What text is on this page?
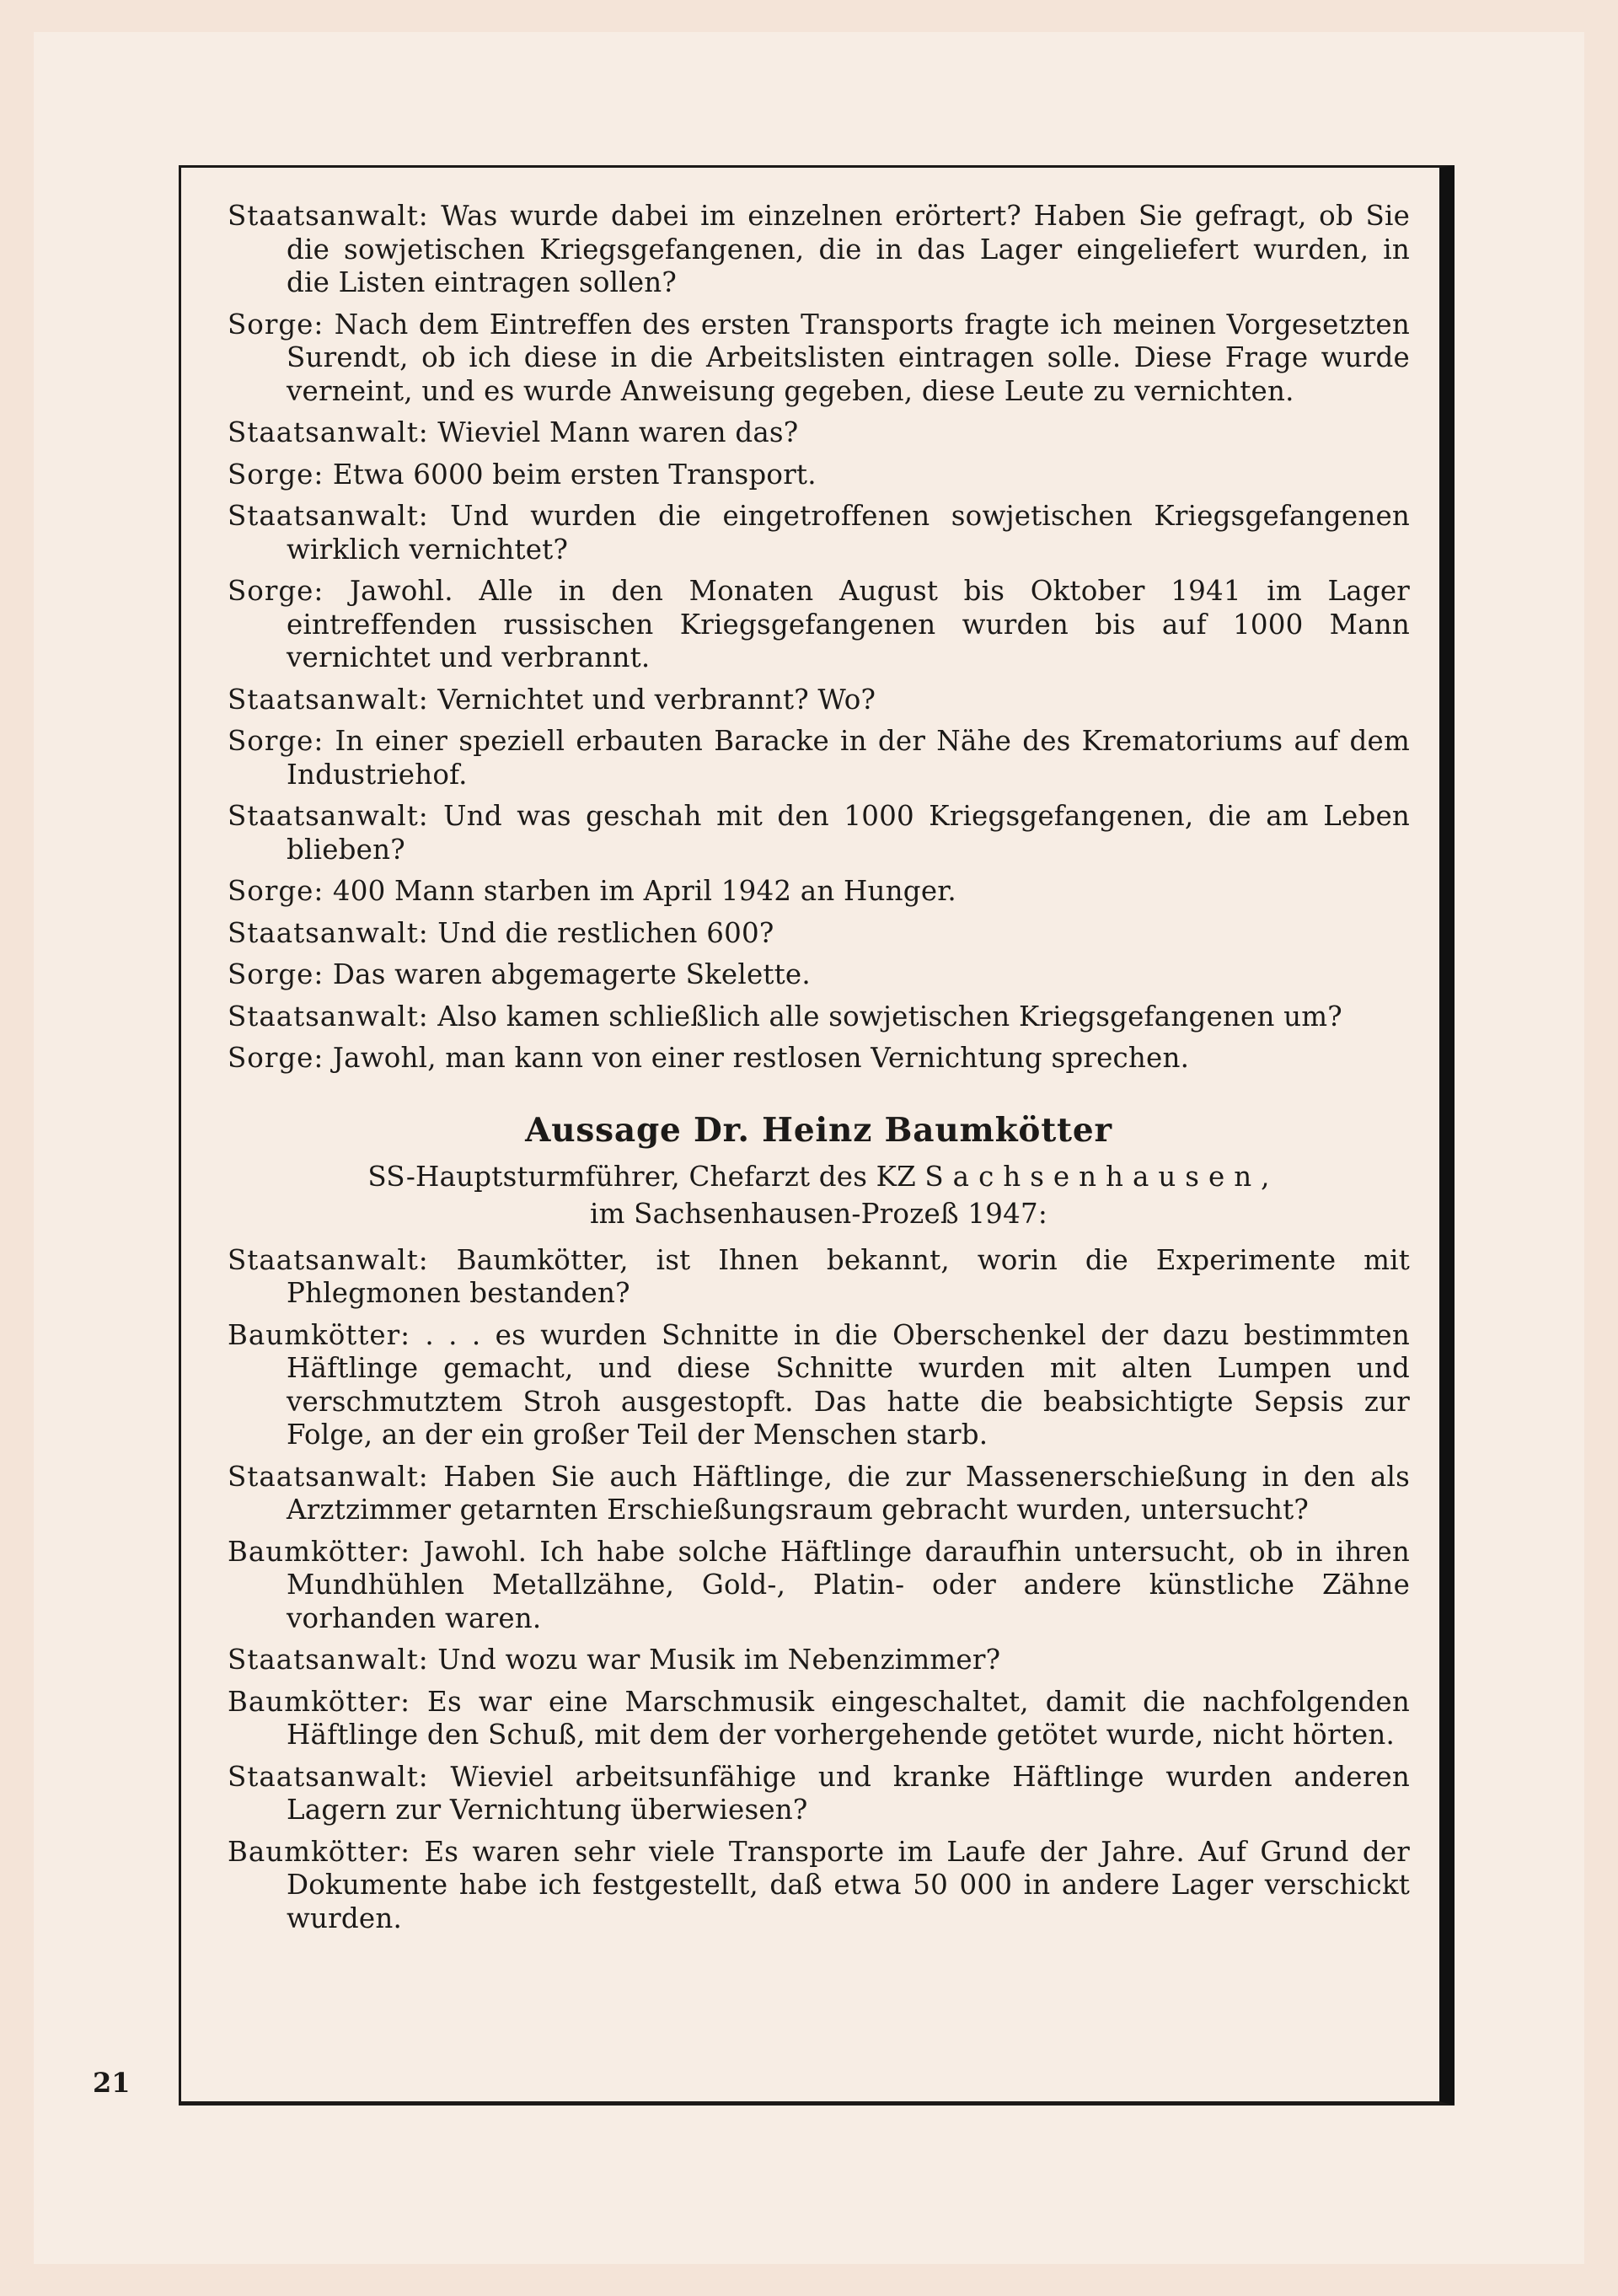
Staatsanwalt: Was wurde dabei im einzelnen erörtert? Haben Sie gefragt, ob Sie die sowjetischen Kriegsgefangenen, die in das Lager eingeliefert wurden, in die Listen eintragen sollen?

Sorge: Nach dem Eintreffen des ersten Transports fragte ich meinen Vorgesetzten Surendt, ob ich diese in die Arbeitslisten eintragen solle. Diese Frage wurde verneint, und es wurde Anweisung gegeben, diese Leute zu vernichten.

Staatsanwalt: Wieviel Mann waren das?

Sorge: Etwa 6000 beim ersten Transport.

Staatsanwalt: Und wurden die eingetroffenen sowjetischen Kriegsgefangenen wirklich vernichtet?

Sorge: Jawohl. Alle in den Monaten August bis Oktober 1941 im Lager eintreffenden russischen Kriegsgefangenen wurden bis auf 1000 Mann vernichtet und verbrannt.

Staatsanwalt: Vernichtet und verbrannt? Wo?

Sorge: In einer speziell erbauten Baracke in der Nähe des Krematoriums auf dem Industriehof.

Staatsanwalt: Und was geschah mit den 1000 Kriegsgefangenen, die am Leben blieben?

Sorge: 400 Mann starben im April 1942 an Hunger.

Staatsanwalt: Und die restlichen 600?

Sorge: Das waren abgemagerte Skelette.

Staatsanwalt: Also kamen schließlich alle sowjetischen Kriegsgefangenen um?

Sorge: Jawohl, man kann von einer restlosen Vernichtung sprechen.

Aussage Dr. Heinz Baumkötter

SS-Hauptsturmführer, Chefarzt des KZ Sachsenhausen,

im Sachsenhausen-Prozeß 1947:

Staatsanwalt: Baumkötter, ist Ihnen bekannt, worin die Experimente mit Phlegmonen bestanden?

Baumkötter: . . . es wurden Schnitte in die Oberschenkel der dazu bestimmten Häftlinge gemacht, und diese Schnitte wurden mit alten Lumpen und verschmutztem Stroh ausgestopft. Das hatte die beabsichtigte Sepsis zur Folge, an der ein großer Teil der Menschen starb.

Staatsanwalt: Haben Sie auch Häftlinge, die zur Massenerschießung in den als Arztzimmer getarnten Erschießungsraum gebracht wurden, untersucht?

Baumkötter: Jawohl. Ich habe solche Häftlinge daraufhin untersucht, ob in ihren Mundhühlen Metallzähne, Gold-, Platin- oder andere künstliche Zähne vorhanden waren.

Staatsanwalt: Und wozu war Musik im Nebenzimmer?

Baumkötter: Es war eine Marschmusik eingeschaltet, damit die nachfolgenden Häftlinge den Schuß, mit dem der vorhergehende getötet wurde, nicht hörten.

Staatsanwalt: Wieviel arbeitsunfähige und kranke Häftlinge wurden anderen Lagern zur Vernichtung überwiesen?

Baumkötter: Es waren sehr viele Transporte im Laufe der Jahre. Auf Grund der Dokumente habe ich festgestellt, daß etwa 50 000 in andere Lager verschickt wurden.

21
